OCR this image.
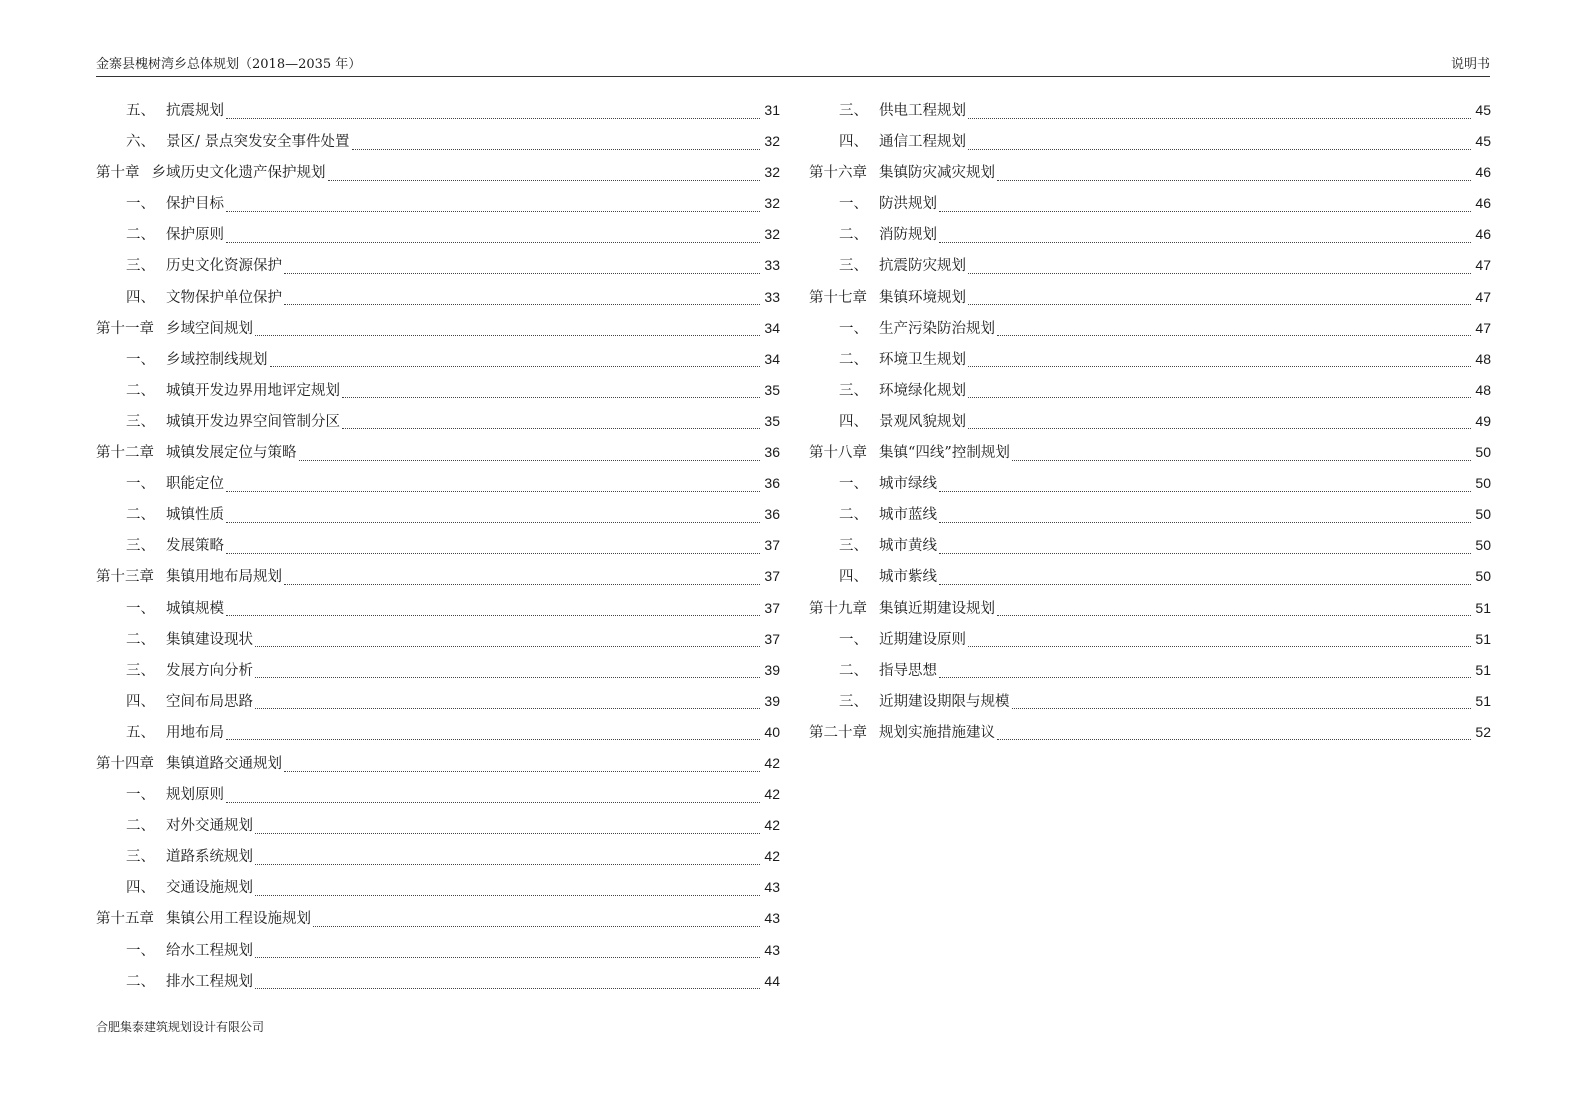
金寨县槐树湾乡总体规划（2018—2035 年）	说明书
五、 抗震规划	31
六、 景区/ 景点突发安全事件处置	32
第十章 乡域历史文化遗产保护规划	32
一、 保护目标	32
二、 保护原则	32
三、 历史文化资源保护	33
四、 文物保护单位保护	33
第十一章 乡域空间规划	34
一、 乡域控制线规划	34
二、 城镇开发边界用地评定规划	35
三、 城镇开发边界空间管制分区	35
第十二章 城镇发展定位与策略	36
一、 职能定位	36
二、 城镇性质	36
三、 发展策略	37
第十三章 集镇用地布局规划	37
一、 城镇规模	37
二、 集镇建设现状	37
三、 发展方向分析	39
四、 空间布局思路	39
五、 用地布局	40
第十四章 集镇道路交通规划	42
一、 规划原则	42
二、 对外交通规划	42
三、 道路系统规划	42
四、 交通设施规划	43
第十五章 集镇公用工程设施规划	43
一、 给水工程规划	43
二、 排水工程规划	44
三、 供电工程规划	45
四、 通信工程规划	45
第十六章 集镇防灾减灾规划	46
一、 防洪规划	46
二、 消防规划	46
三、 抗震防灾规划	47
第十七章 集镇环境规划	47
一、 生产污染防治规划	47
二、 环境卫生规划	48
三、 环境绿化规划	48
四、 景观风貌规划	49
第十八章 集镇“四线”控制规划	50
一、 城市绿线	50
二、 城市蓝线	50
三、 城市黄线	50
四、 城市紫线	50
第十九章 集镇近期建设规划	51
一、 近期建设原则	51
二、 指导思想	51
三、 近期建设期限与规模	51
第二十章 规划实施措施建议	52
合肥集泰建筑规划设计有限公司
